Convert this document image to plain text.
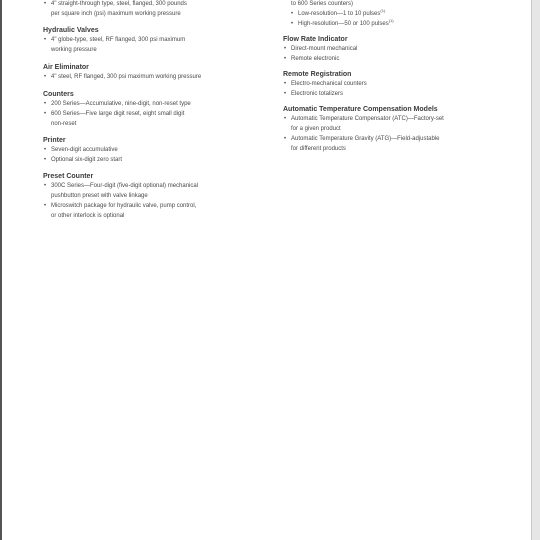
• 4" straight-through type, steel, flanged, 300 pounds
per square inch (psi) maximum working pressure

Hydraulic Valves

• 4" globe-type, steel, RF flanged, 300 psi maximum
working pressure

Air Eliminator

• 4" steel, RF flanged, 300 psi maximum working pressure

Counters

• 200 Series—Accumulative, nine-digit, non-reset type
• 600 Series—Five large digit reset, eight small digit
non-reset

Printer

• Seven-digit accumulative
• Optional six-digit zero start

Preset Counter

• 300C Series—Four-digit (five-digit optional) mechanical
pushbutton preset with valve linkage
• Microswitch package for hydraulic valve, pump control,
or other interlock is optional
to 600 Series counters)
• Low-resolution—1 to 10 pulses$^{(1)}$
• High-resolution—50 or 100 pulses$^{(1)}$

Flow Rate Indicator

• Direct-mount mechanical
• Remote electronic

Remote Registration

• Electro-mechanical counters
• Electronic totalizers

Automatic Temperature Compensation Models

• Automatic Temperature Compensator (ATC)—Factory-set
for a given product
• Automatic Temperature Gravity (ATG)—Field-adjustable
for different products
